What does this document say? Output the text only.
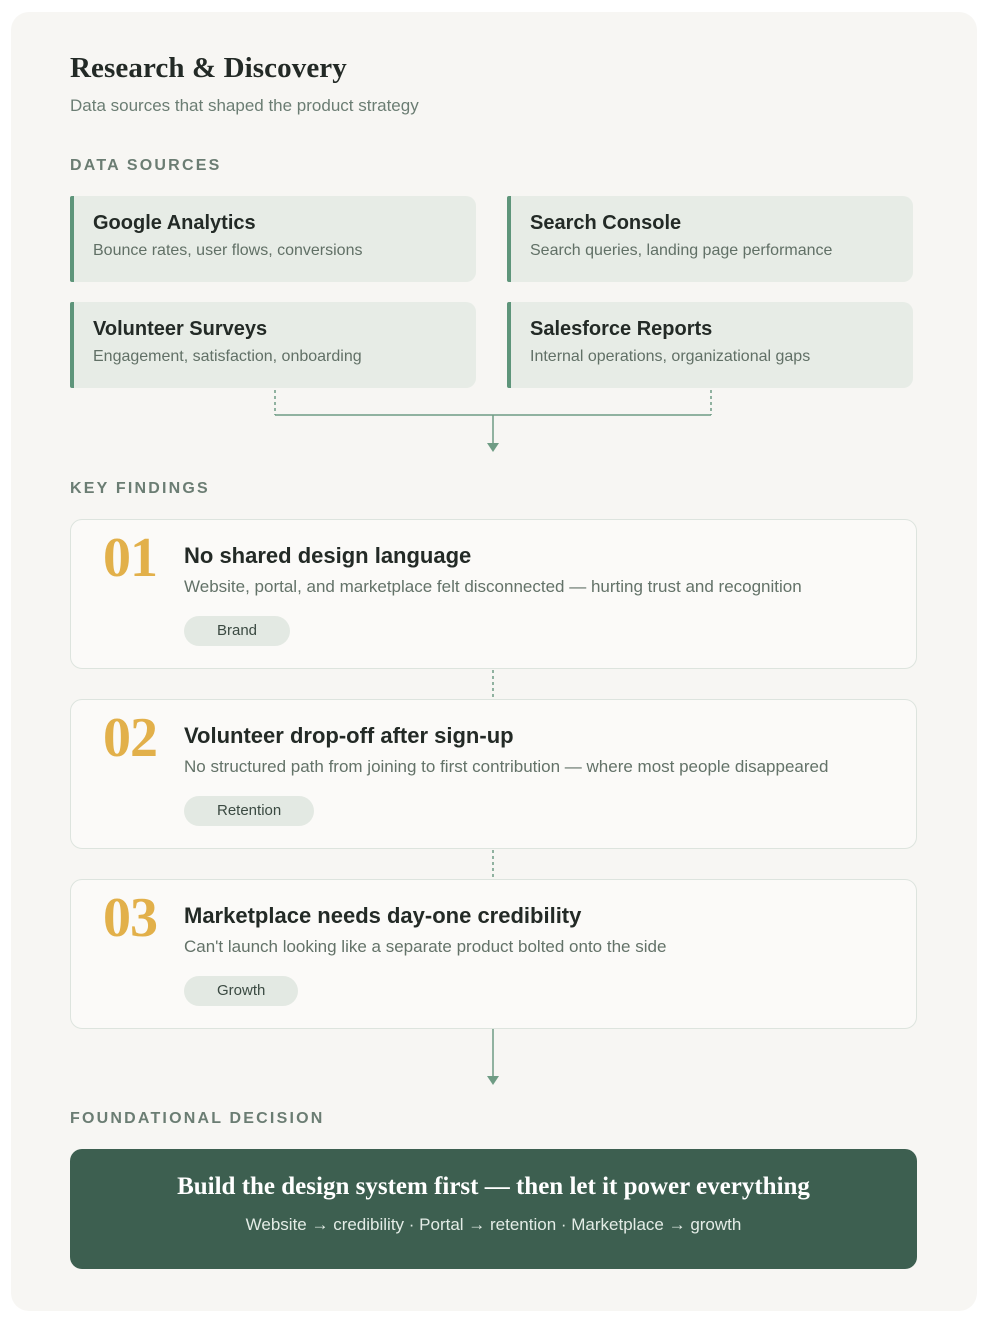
Research & Discovery

Data sources that shaped the product strategy

DATA SOURCES
Google Analytics
Bounce rates, user flows, conversions
Search Console
Search queries, landing page performance
Volunteer Surveys
Engagement, satisfaction, onboarding
Salesforce Reports
Internal operations, organizational gaps
KEY FINDINGS
01 No shared design language
Website, portal, and marketplace felt disconnected — hurting trust and recognition
Brand
02 Volunteer drop-off after sign-up
No structured path from joining to first contribution — where most people disappeared
Retention
03 Marketplace needs day-one credibility
Can't launch looking like a separate product bolted onto the side
Growth
FOUNDATIONAL DECISION
Build the design system first — then let it power everything
Website → credibility · Portal → retention · Marketplace → growth
